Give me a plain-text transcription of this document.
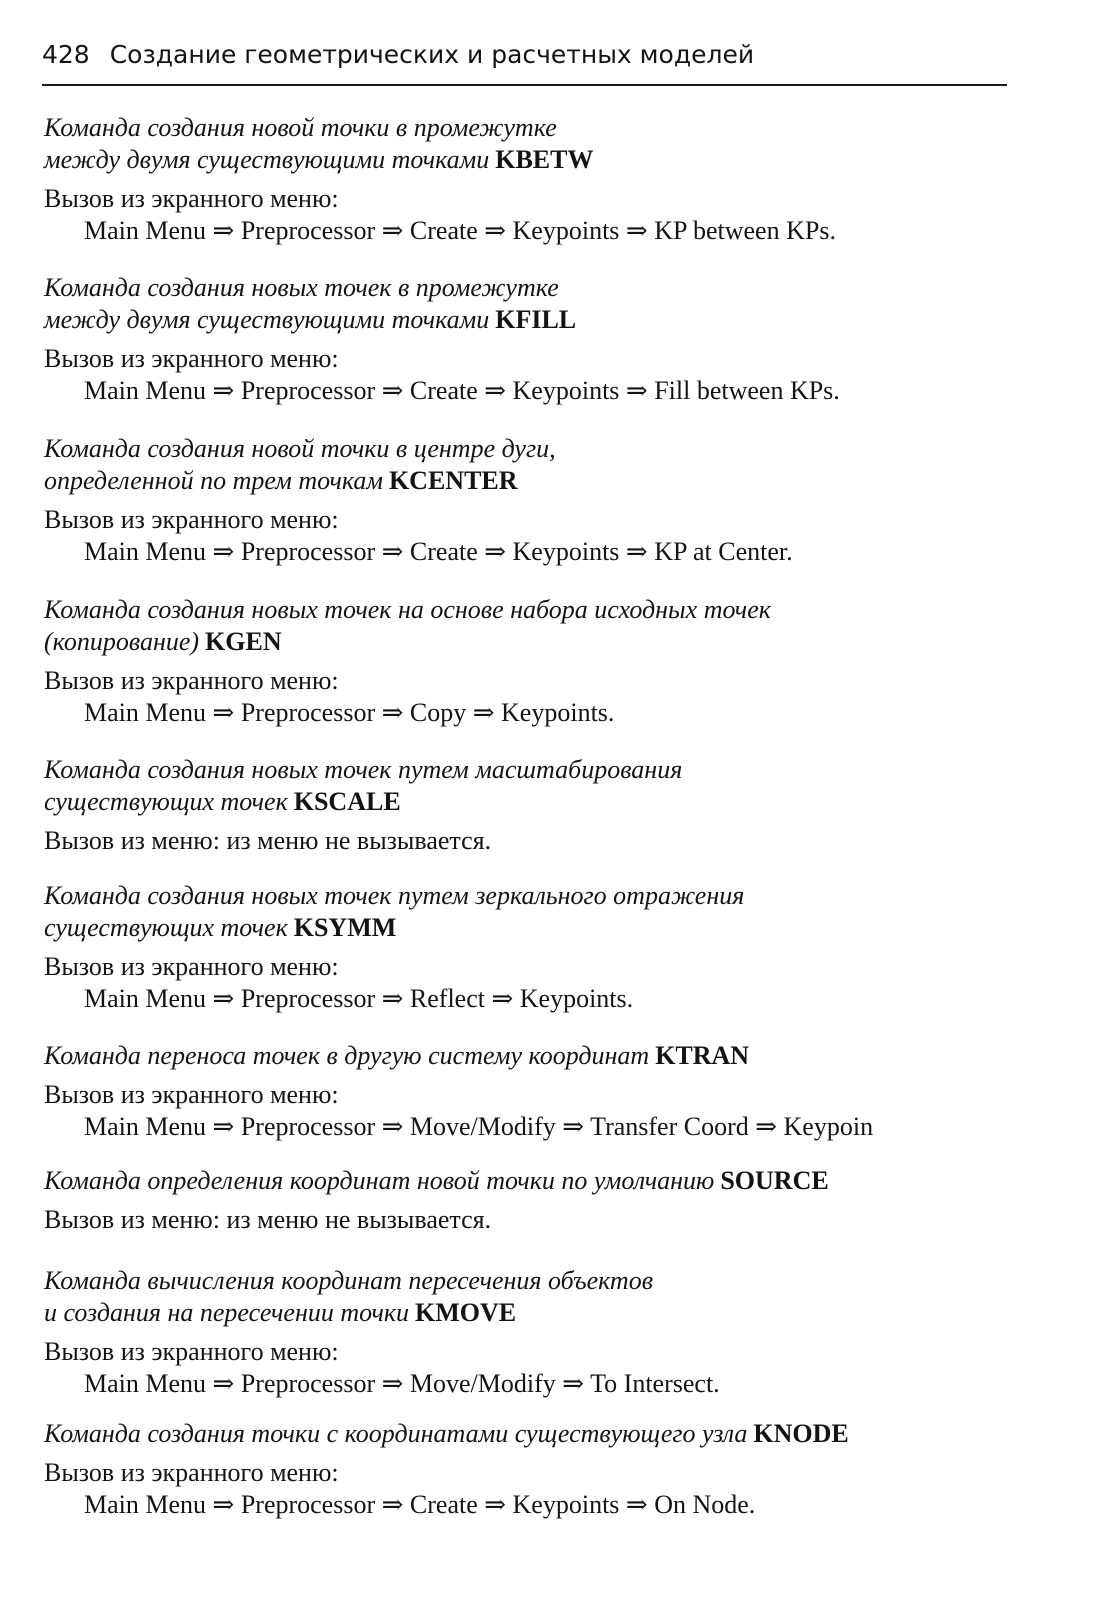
428 Создание геометрических и расчетных моделей
Команда создания новой точки в промежутке
между двумя существующими точками KBETW
Вызов из экранного меню:
Main Menu ⇒ Preprocessor ⇒ Create ⇒ Keypoints ⇒ KP between KPs.
Команда создания новых точек в промежутке
между двумя существующими точками KFILL
Вызов из экранного меню:
Main Menu ⇒ Preprocessor ⇒ Create ⇒ Keypoints ⇒ Fill between KPs.
Команда создания новой точки в центре дуги,
определенной по трем точкам KCENTER
Вызов из экранного меню:
Main Menu ⇒ Preprocessor ⇒ Create ⇒ Keypoints ⇒ KP at Center.
Команда создания новых точек на основе набора исходных точек
(копирование) KGEN
Вызов из экранного меню:
Main Menu ⇒ Preprocessor ⇒ Copy ⇒ Keypoints.
Команда создания новых точек путем масштабирования
существующих точек KSCALE
Вызов из меню: из меню не вызывается.
Команда создания новых точек путем зеркального отражения
существующих точек KSYMM
Вызов из экранного меню:
Main Menu ⇒ Preprocessor ⇒ Reflect ⇒ Keypoints.
Команда переноса точек в другую систему координат KTRAN
Вызов из экранного меню:
Main Menu ⇒ Preprocessor ⇒ Move/Modify ⇒ Transfer Coord ⇒ Keypoin
Команда определения координат новой точки по умолчанию SOURCE
Вызов из меню: из меню не вызывается.
Команда вычисления координат пересечения объектов
и создания на пересечении точки KMOVE
Вызов из экранного меню:
Main Menu ⇒ Preprocessor ⇒ Move/Modify ⇒ To Intersect.
Команда создания точки с координатами существующего узла KNODE
Вызов из экранного меню:
Main Menu ⇒ Preprocessor ⇒ Create ⇒ Keypoints ⇒ On Node.
